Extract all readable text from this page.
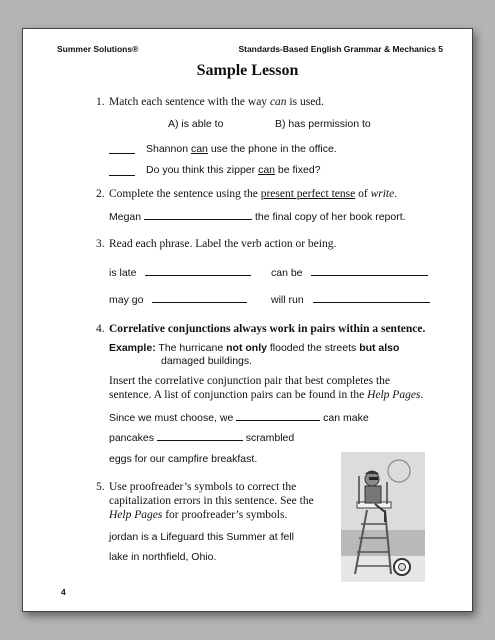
Summer Solutions®	Standards-Based English Grammar & Mechanics 5
Sample Lesson
1. Match each sentence with the way can is used.
A) is able to	B) has permission to
Shannon can use the phone in the office.
Do you think this zipper can be fixed?
2. Complete the sentence using the present perfect tense of write.
Megan	the final copy of her book report.
3. Read each phrase. Label the verb action or being.
is late	can be
may go	will run
4. Correlative conjunctions always work in pairs within a sentence.
Example: The hurricane not only flooded the streets but also
damaged buildings.
Insert the correlative conjunction pair that best completes the
sentence. A list of conjunction pairs can be found in the Help Pages.
Since we must choose, we	can make
pancakes	scrambled
eggs for our campfire breakfast.
5. Use proofreader’s symbols to correct the
capitalization errors in this sentence. See the
Help Pages for proofreader’s symbols.
jordan is a Lifeguard this Summer at fell
lake in northfield, Ohio.
4
